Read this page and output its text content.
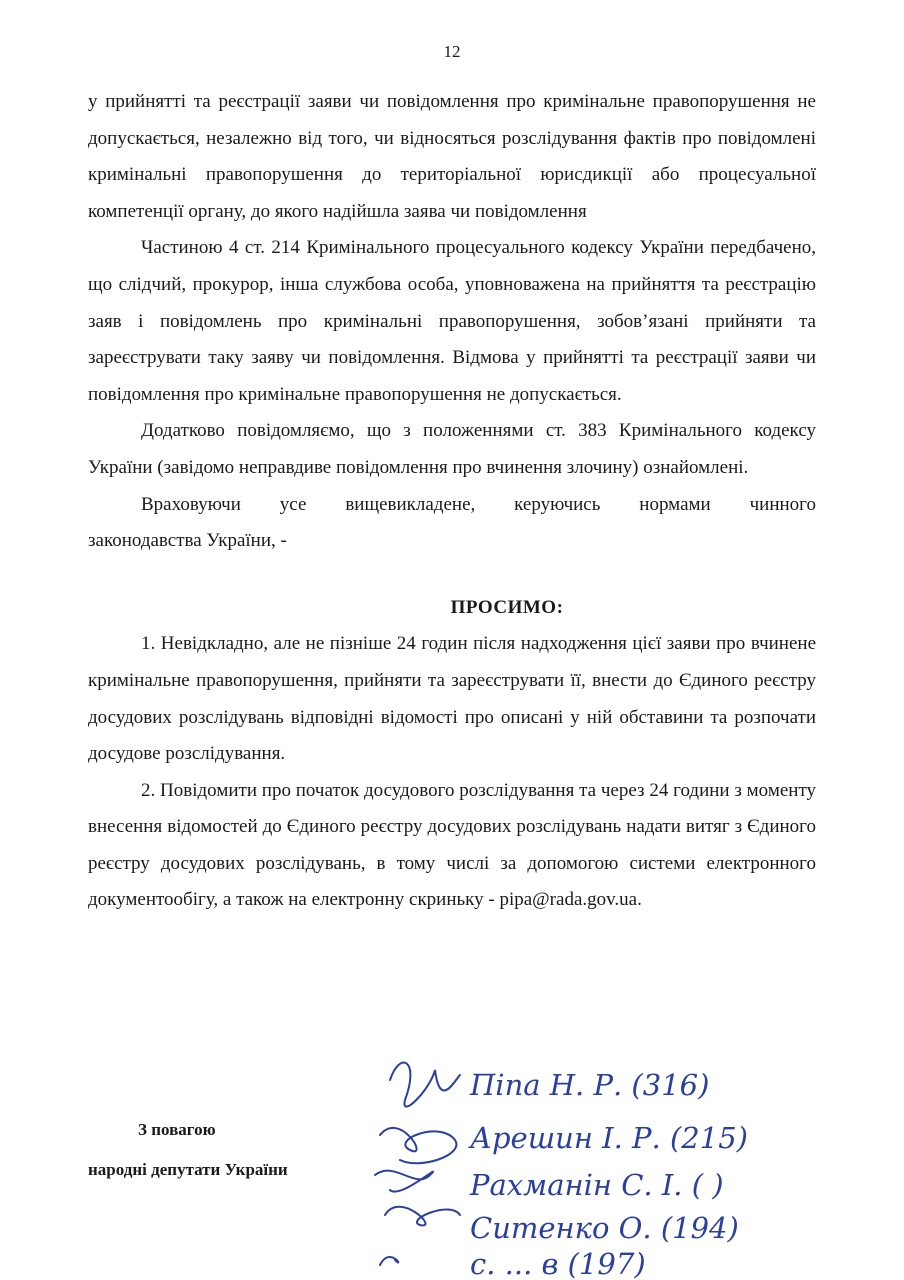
12

у прийнятті та реєстрації заяви чи повідомлення про кримінальне правопорушення не допускається, незалежно від того, чи відносяться розслідування фактів про повідомлені кримінальні правопорушення до територіальної юрисдикції або процесуальної компетенції органу, до якого надійшла заява чи повідомлення

Частиною 4 ст. 214 Кримінального процесуального кодексу України передбачено, що слідчий, прокурор, інша службова особа, уповноважена на прийняття та реєстрацію заяв і повідомлень про кримінальні правопорушення, зобов’язані прийняти та зареєструвати таку заяву чи повідомлення. Відмова у прийнятті та реєстрації заяви чи повідомлення про кримінальне правопорушення не допускається.

Додатково повідомляємо, що з положеннями ст. 383 Кримінального кодексу України (завідомо неправдиве повідомлення про вчинення злочину) ознайомлені.

Враховуючи усе вищевикладене, керуючись нормами чинного
законодавства України, -

ПРОСИМО:

1. Невідкладно, але не пізніше 24 годин після надходження цієї заяви про вчинене кримінальне правопорушення, прийняти та зареєструвати її, внести до Єдиного реєстру досудових розслідувань відповідні відомості про описані у ній обставини та розпочати досудове розслідування.

2. Повідомити про початок досудового розслідування та через 24 години з моменту внесення відомостей до Єдиного реєстру досудових розслідувань надати витяг з Єдиного реєстру досудових розслідувань, в тому числі за допомогою системи електронного документообігу, а також на електронну скриньку - pipa@rada.gov.ua.

З повагою
народні депутати України
Піпа Н. Р. (316)
Арешин І. Р. (215)
Рахманін С. І. ( )
Ситенко О. (194)
с. ... в (197)
